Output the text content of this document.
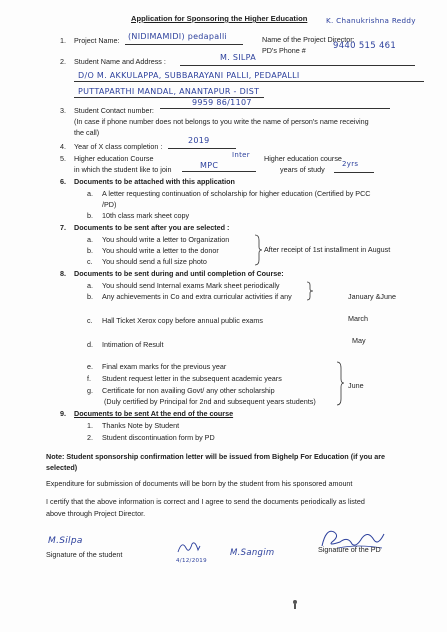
Application for Sponsoring the Higher Education
1. Project Name: (NIDIMAMIDI) pedapalli
K. Chanukrishna Reddy
Name of the Project Director:
PD's Phone #	9440 515 461
2. Student Name and Address :	M. SILPA
D/O M. AKKULAPPA, SUBBARAYANI PALLI, PEDAPALLI
PUTTAPARTHI MANDAL, ANANTAPUR - DIST
9959 86/1107
3. Student Contact number:
(In case if phone number does not belongs to you write the name of person's name receiving
the call)
4. Year of X class completion :
2019
5. Higher education Course
in which the student like to join	MPC
Inter Higher education course
years of study
2yrs
6. Documents to be attached with this application
a. A letter requesting continuation of scholarship for higher education (Certified by PCC
/PD)
b. 10th class mark sheet copy
7. Documents to be sent after you are selected :
a. You should write a letter to Organization
b. You should write a letter to the donor
c. You should send a full size photo
After receipt of 1st installment in August
8. Documents to be sent during and until completion of Course:
a. You should send Internal exams Mark sheet periodically
b. Any achievements in Co and extra curricular activities if any	January &June
c. Hall Ticket Xerox copy before annual public exams	March
d. Intimation of Result	May
e. Final exam marks for the previous year
f. Student request letter in the subsequent academic years
g. Certificate for non availing Govt/ any other scholarship
(Duly certified by Principal for 2nd and subsequent years students)
June
9. Documents to be sent At the end of the course
1. Thanks Note by Student
2. Student discontinuation form by PD
Note: Student sponsorship confirmation letter will be issued from Bighelp For Education (if you are
selected)
Expenditure for submission of documents will be born by the student from his sponsored amount
I certify that the above information is correct and I agree to send the documents periodically as listed
above through Project Director.
M.Silpa
Signature of the student
4/12/2019
M.Sangim	Signature of the PD
